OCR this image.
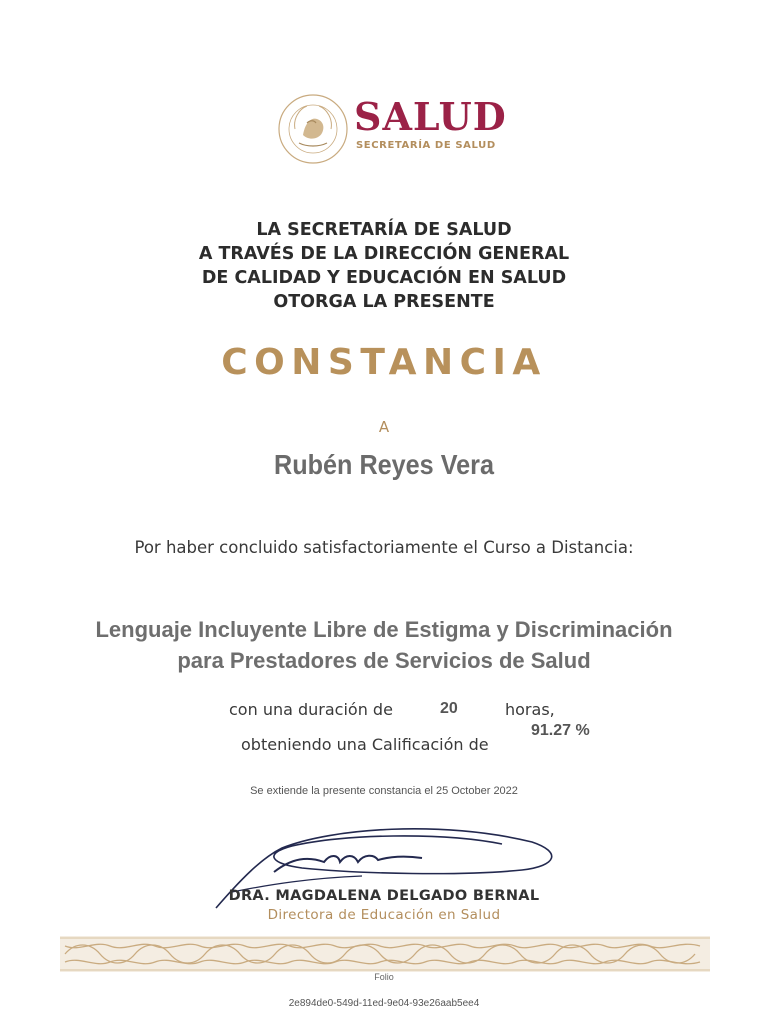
SALUD
SECRETARÍA DE SALUD
LA SECRETARÍA DE SALUD
A TRAVÉS DE LA DIRECCIÓN GENERAL
DE CALIDAD Y EDUCACIÓN EN SALUD
OTORGA LA PRESENTE
CONSTANCIA
A
Rubén Reyes Vera
Por haber concluido satisfactoriamente el Curso a Distancia:
Lenguaje Incluyente Libre de Estigma y Discriminación
para Prestadores de Servicios de Salud
con una duración de	20	horas,
obteniendo una Calificación de
91.27 %
Se extiende la presente constancia el 25 October 2022
DRA. MAGDALENA DELGADO BERNAL
Directora de Educación en Salud
Folio
2e894de0-549d-11ed-9e04-93e26aab5ee4
